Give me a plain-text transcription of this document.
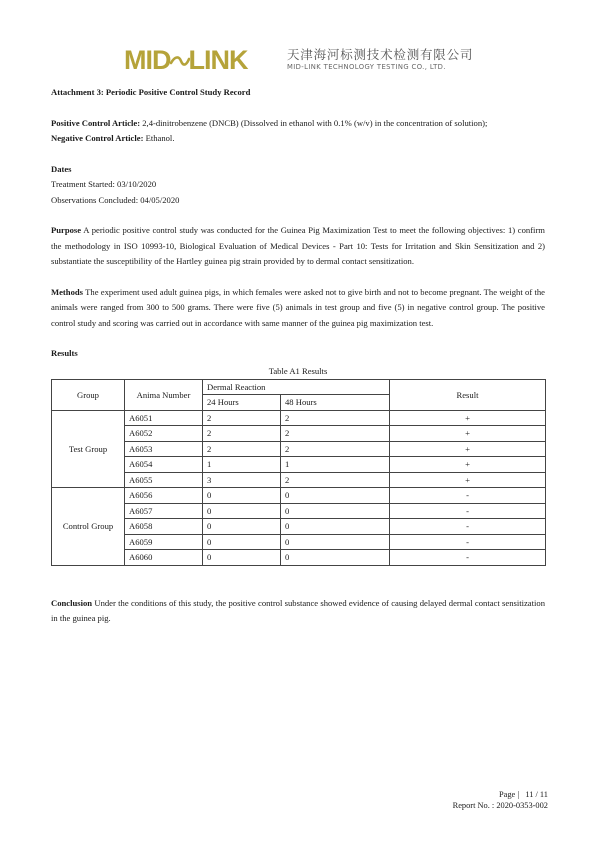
MID LINK	天津海河标测技术检测有限公司
MID-LINK TECHNOLOGY TESTING CO., LTD.
Attachment 3: Periodic Positive Control Study Record

Positive Control Article: 2,4-dinitrobenzene (DNCB) (Dissolved in ethanol with 0.1% (w/v) in the concentration of solution);

Negative Control Article: Ethanol.

Dates

Treatment Started: 03/10/2020

Observations Concluded: 04/05/2020

Purpose A periodic positive control study was conducted for the Guinea Pig Maximization Test to meet the following objectives: 1) confirm the methodology in ISO 10993-10, Biological Evaluation of Medical Devices - Part 10: Tests for Irritation and Skin Sensitization and 2) substantiate the susceptibility of the Hartley guinea pig strain provided by to dermal contact sensitization.

Methods The experiment used adult guinea pigs, in which females were asked not to give birth and not to become pregnant. The weight of the animals were ranged from 300 to 500 grams. There were five (5) animals in test group and five (5) in negative control group. The positive control study and scoring was carried out in accordance with same manner of the guinea pig maximization test.

Results
Table A1 Results
Group	Anima Number	Dermal Reaction		Result
		24 Hours	48 Hours	
Test Group	A6051	2	2	+
	A6052	2	2	+
	A6053	2	2	+
	A6054	1	1	+
	A6055	3	2	+
Control Group	A6056	0	0	-
	A6057	0	0	-
	A6058	0	0	-
	A6059	0	0	-
	A6060	0	0	-

Conclusion Under the conditions of this study, the positive control substance showed evidence of causing delayed dermal contact sensitization in the guinea pig.

Page | 11 / 11
Report No. : 2020-0353-002
